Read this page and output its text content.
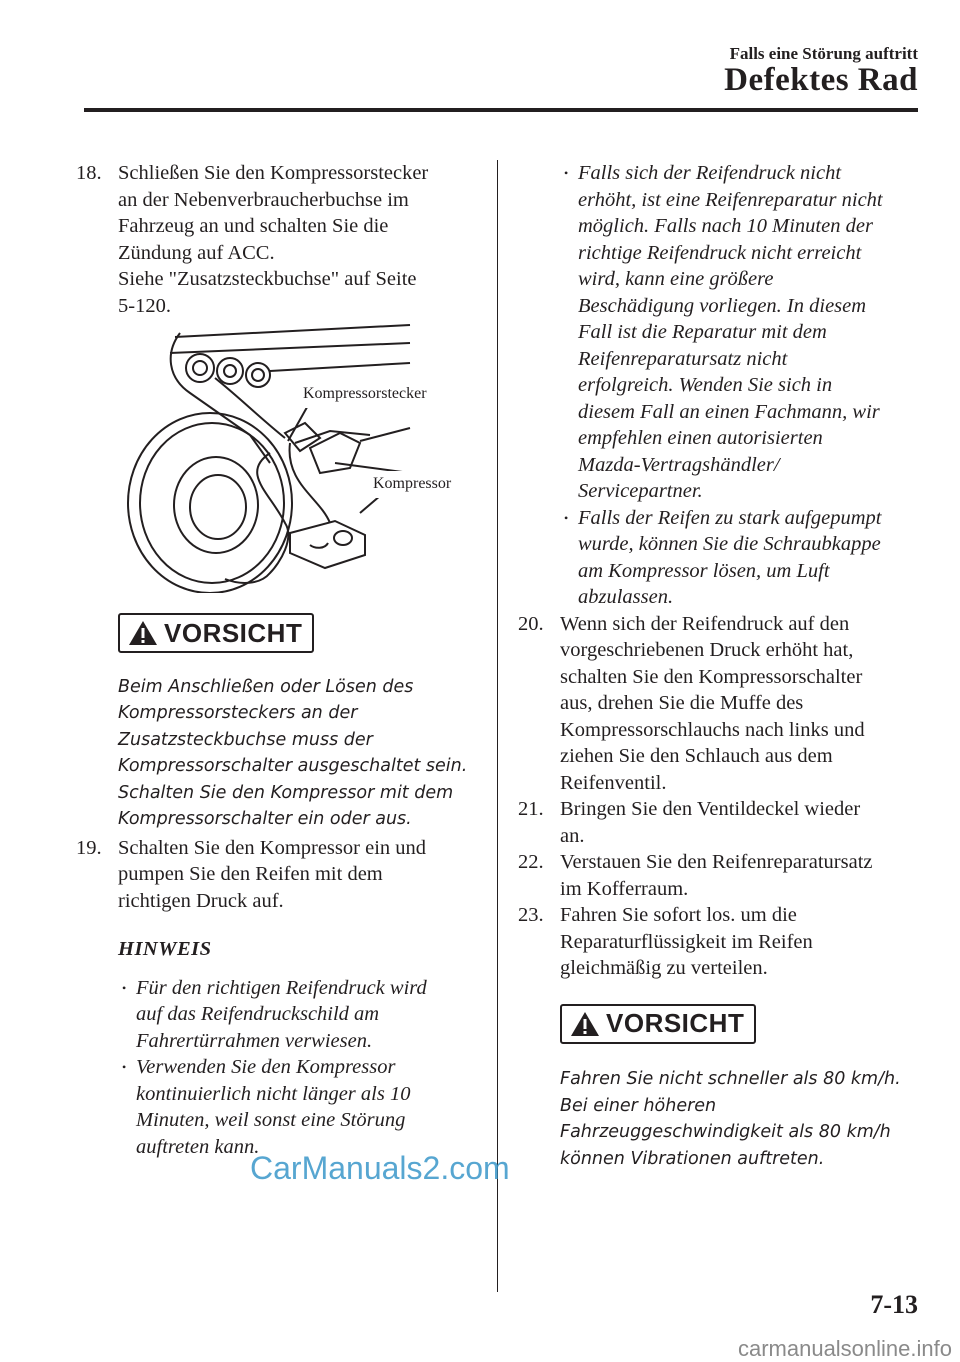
Falls eine Störung auftritt
Defektes Rad
18. Schließen Sie den Kompressorstecker
an der Nebenverbraucherbuchse im
Fahrzeug an und schalten Sie die
Zündung auf ACC.
Siehe "Zusatzsteckbuchse" auf Seite
5-120.
Kompressorstecker
Kompressor
VORSICHT
Beim Anschließen oder Lösen des
Kompressorsteckers an der
Zusatzsteckbuchse muss der
Kompressorschalter ausgeschaltet sein.
Schalten Sie den Kompressor mit dem
Kompressorschalter ein oder aus.
19. Schalten Sie den Kompressor ein und
pumpen Sie den Reifen mit dem
richtigen Druck auf.
HINWEIS
• Für den richtigen Reifendruck wird
auf das Reifendruckschild am
Fahrertürrahmen verwiesen.
• Verwenden Sie den Kompressor
kontinuierlich nicht länger als 10
Minuten, weil sonst eine Störung
auftreten kann.
• Falls sich der Reifendruck nicht
erhöht, ist eine Reifenreparatur nicht
möglich. Falls nach 10 Minuten der
richtige Reifendruck nicht erreicht
wird, kann eine größere
Beschädigung vorliegen. In diesem
Fall ist die Reparatur mit dem
Reifenreparatursatz nicht
erfolgreich. Wenden Sie sich in
diesem Fall an einen Fachmann, wir
empfehlen einen autorisierten
Mazda-Vertragshändler/
Servicepartner.
• Falls der Reifen zu stark aufgepumpt
wurde, können Sie die Schraubkappe
am Kompressor lösen, um Luft
abzulassen.
20. Wenn sich der Reifendruck auf den
vorgeschriebenen Druck erhöht hat,
schalten Sie den Kompressorschalter
aus, drehen Sie die Muffe des
Kompressorschlauchs nach links und
ziehen Sie den Schlauch aus dem
Reifenventil.
21. Bringen Sie den Ventildeckel wieder
an.
22. Verstauen Sie den Reifenreparatursatz
im Kofferraum.
23. Fahren Sie sofort los. um die
Reparaturflüssigkeit im Reifen
gleichmäßig zu verteilen.
VORSICHT
Fahren Sie nicht schneller als 80 km/h.
Bei einer höheren
Fahrzeuggeschwindigkeit als 80 km/h
können Vibrationen auftreten.
7-13
CarManuals2.com
carmanualsonline.info
